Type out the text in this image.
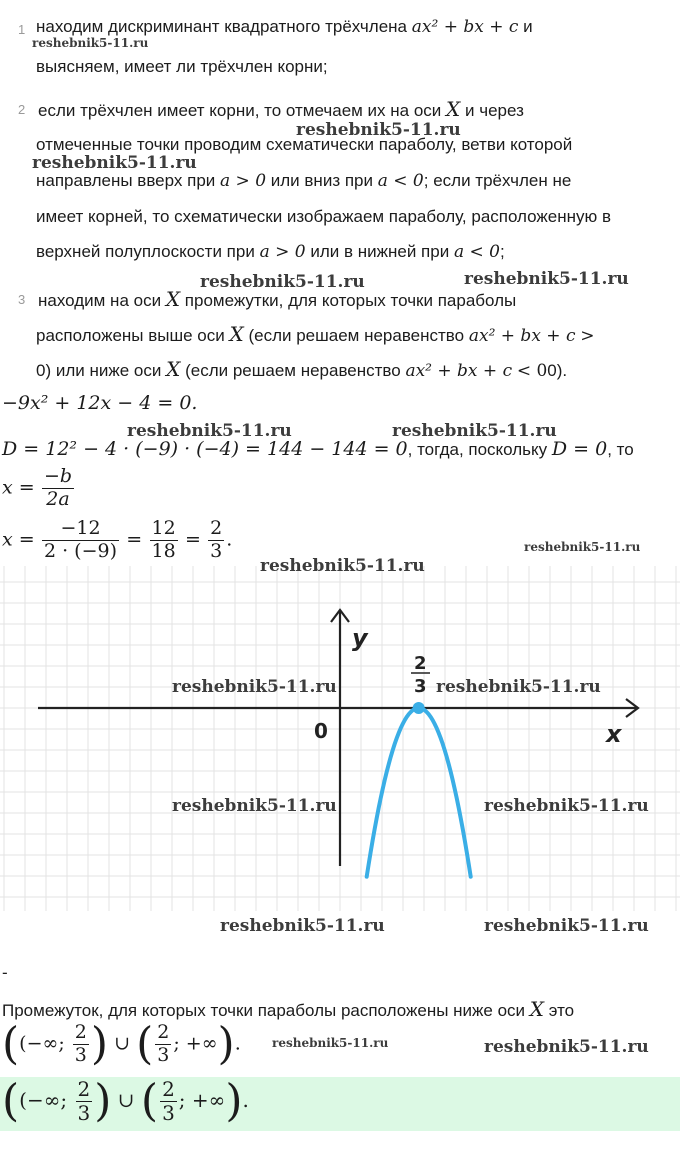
1 находим дискриминант квадратного трёхчлена ax² + bx + c и
выясняем, имеет ли трёхчлен корни;
2 если трёхчлен имеет корни, то отмечаем их на оси X и через
отмеченные точки проводим схематически параболу, ветви которой
направлены вверх при a > 0 или вниз при a < 0; если трёхчлен не
имеет корней, то схематически изображаем параболу, расположенную в
верхней полуплоскости при a > 0 или в нижней при a < 0;
3 находим на оси X промежутки, для которых точки параболы
расположены выше оси X (если решаем неравенство ax² + bx + c >
0) или ниже оси X (если решаем неравенство ax² + bx + c < 00).
−9x² + 12x − 4 = 0.
D = 12² − 4 · (−9) · (−4) = 144 − 144 = 0, тогда, поскольку D = 0, то
$x = \frac{-b}{2a}$
$x = \frac{-12}{2 \cdot (-9)} = \frac{12}{18} = \frac{2}{3}$ .
y
x
0
2
3
-
Промежуток, для которых точки параболы расположены ниже оси X это
((−∞; $\frac{2}{3}$ ) ∪ ( $\frac{2}{3}$ ; +∞).
((−∞; $\frac{2}{3}$ ) ∪ ( $\frac{2}{3}$ ; +∞).
reshebnik5-11.ru
reshebnik5-11.ru
reshebnik5-11.ru
reshebnik5-11.ru	reshebnik5-11.ru
reshebnik5-11.ru	reshebnik5-11.ru
reshebnik5-11.ru
reshebnik5-11.ru
reshebnik5-11.ru	reshebnik5-11.ru
reshebnik5-11.ru	reshebnik5-11.ru
reshebnik5-11.ru	reshebnik5-11.ru
reshebnik5-11.ru	reshebnik5-11.ru
